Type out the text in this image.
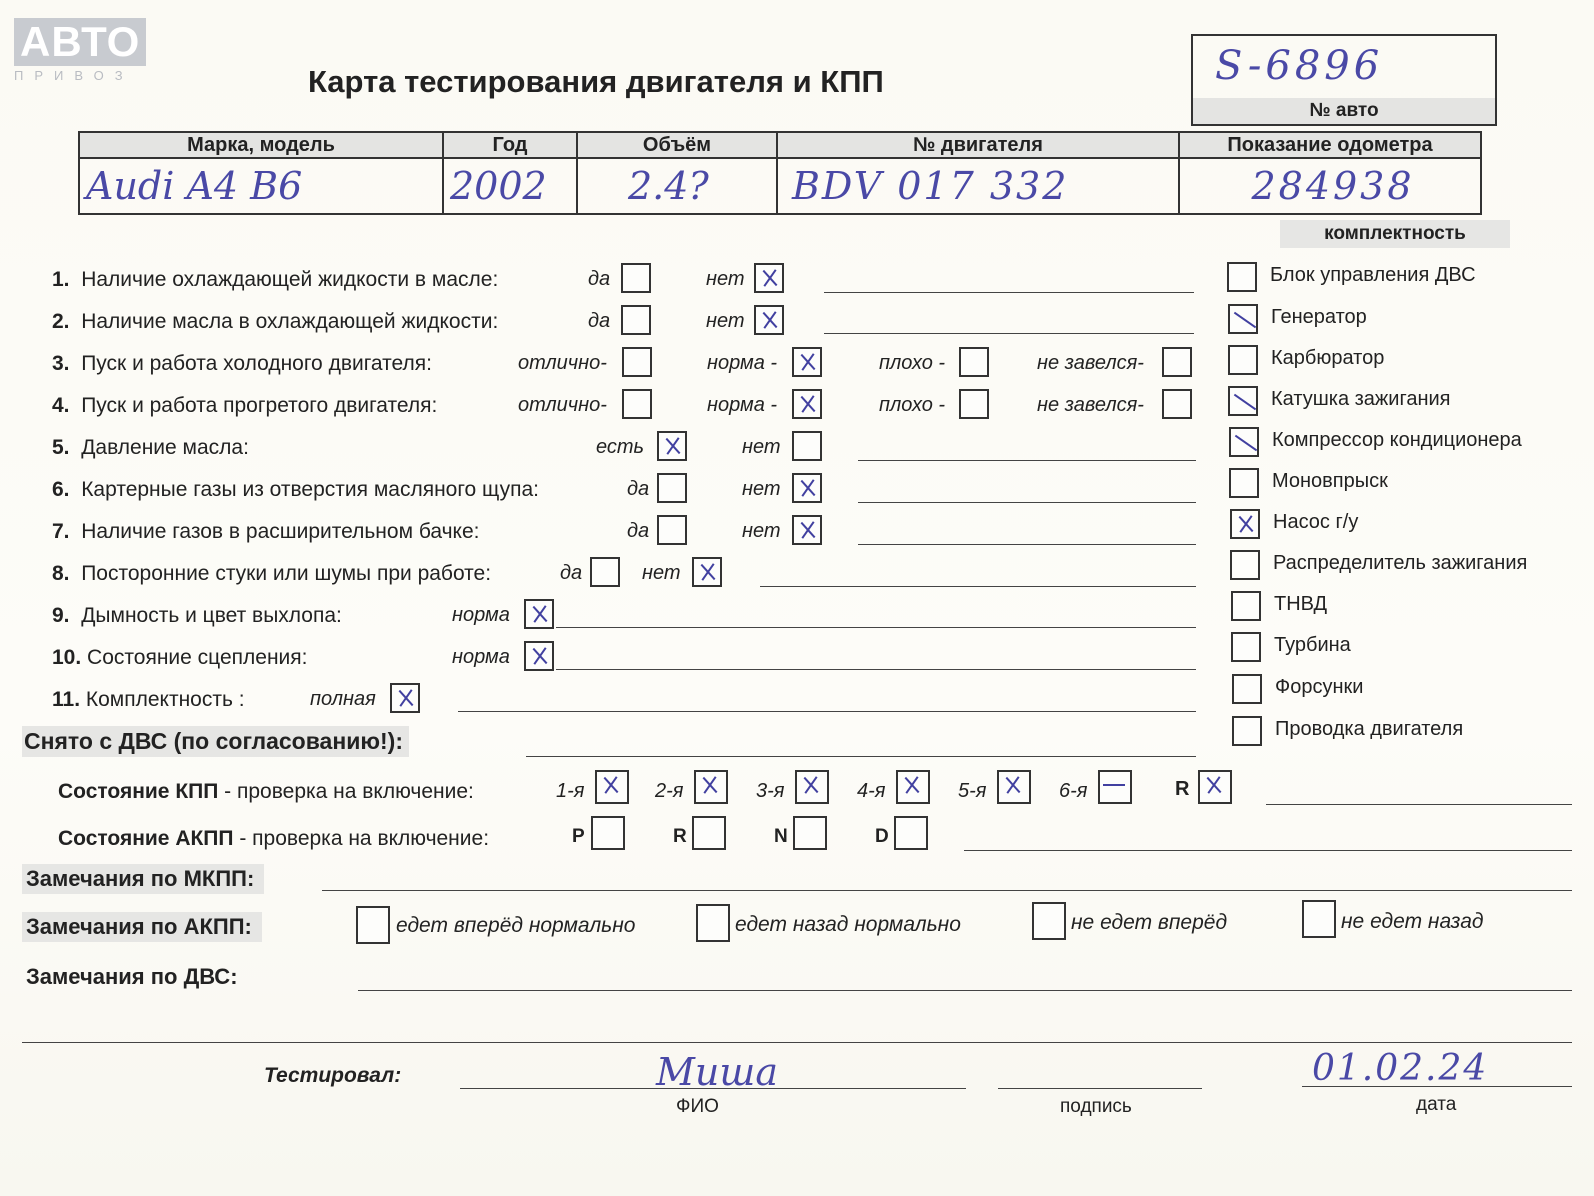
АВТО
ПРИВОЗ	Карта тестирования двигателя и КПП	S-6896
№ авто
Марка, модель	Год	Объём	№ двигателя	Показание одометра
Audi A4 B6	2002	2.4?	BDV 017 332	284938
комплектность
Блок управления ДВС
Генератор
Карбюратор
Катушка зажигания
Компрессор кондиционера
Моновпрыск
Насос г/у
Распределитель зажигания
ТНВД
Турбина
Форсунки
Проводка двигателя
1. Наличие охлаждающей жидкости в масле:	да	нет
2. Наличие масла в охлаждающей жидкости:	да	нет
3. Пуск и работа холодного двигателя:	отлично-	норма -	плохо -	не завелся-
4. Пуск и работа прогретого двигателя:	отлично-	норма -	плохо -	не завелся-
5. Давление масла:	есть	нет
6. Картерные газы из отверстия масляного щупа:	да	нет
7. Наличие газов в расширительном бачке:	да	нет
8. Посторонние стуки или шумы при работе:	да	нет
9. Дымность и цвет выхлопа:	норма
10. Состояние сцепления:	норма
11. Комплектность :	полная
Снято с ДВС (по согласованию!):
Состояние КПП - проверка на включение:	1-я	2-я	3-я	4-я	5-я	6-я	R
Состояние АКПП - проверка на включение:	P	R	N	D
Замечания по МКПП:
Замечания по АКПП:	едет вперёд нормально	едет назад нормально	не едет вперёд	не едет назад
Замечания по ДВС:
Тестировал:	Миша
ФИО	подпись
01.02.24
дата
